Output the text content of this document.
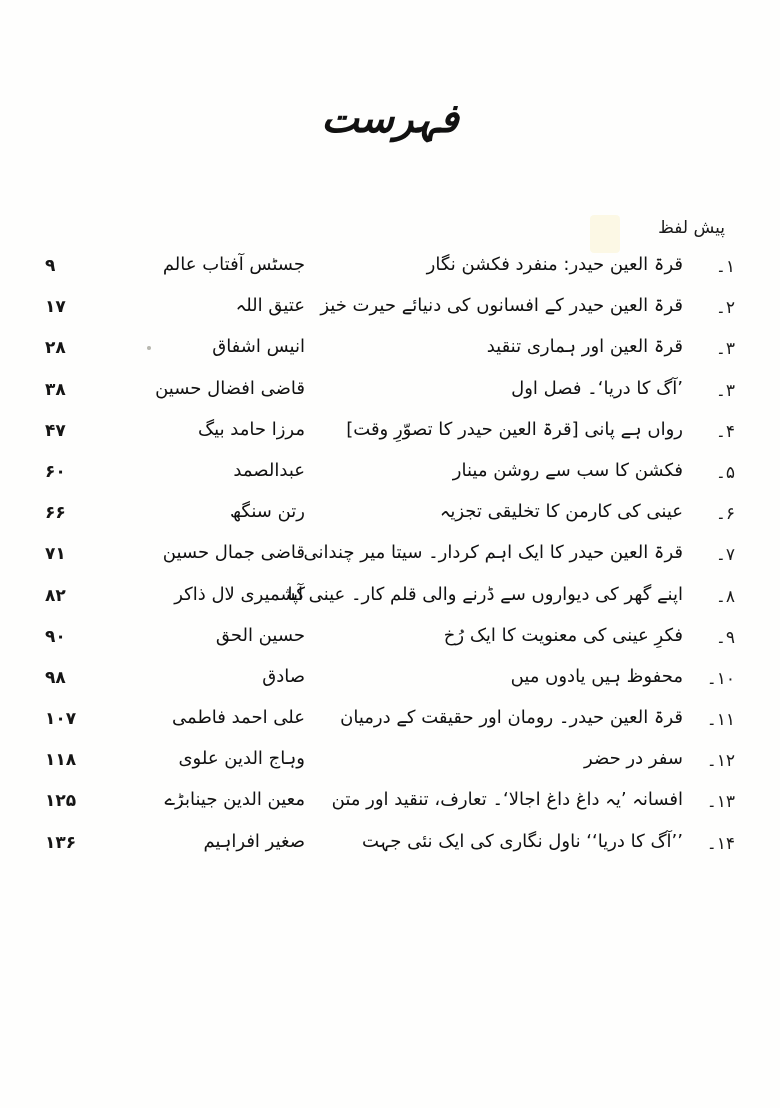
فہرست
پیش لفظ
۱۔
قرۃ العین حیدر: منفرد فکشن نگار
جسٹس آفتاب عالم
۹
۲۔
قرۃ العین حیدر کے افسانوں کی دنیائے حیرت خیز
عتیق اللہ
۱۷
۳۔
قرۃ العین اور ہماری تنقید
انیس اشفاق
۲۸
۳۔
’آگ کا دریا‘۔ فصل اول
قاضی افضال حسین
۳۸
۴۔
رواں ہے پانی [قرۃ العین حیدر کا تصوّرِ وقت]
مرزا حامد بیگ
۴۷
۵۔
فکشن کا سب سے روشن مینار
عبدالصمد
۶۰
۶۔
عینی کی کارمن کا تخلیقی تجزیہ
رتن سنگھ
۶۶
۷۔
قرۃ العین حیدر کا ایک اہم کردار۔ سیتا میر چندانی
قاضی جمال حسین
۷۱
۸۔
اپنے گھر کی دیواروں سے ڈرنے والی قلم کار۔ عینی آپا
کشمیری لال ذاکر
۸۲
۹۔
فکرِ عینی کی معنویت کا ایک رُخ
حسین الحق
۹۰
۱۰۔
محفوظ ہیں یادوں میں
صادق
۹۸
۱۱۔
قرۃ العین حیدر۔ رومان اور حقیقت کے درمیان
علی احمد فاطمی
۱۰۷
۱۲۔
سفر در حضر
وہاج الدین علوی
۱۱۸
۱۳۔
افسانہ ’یہ داغ داغ اجالا‘۔ تعارف، تنقید اور متن
معین الدین جینابڑے
۱۲۵
۱۴۔
’’آگ کا دریا‘‘ ناول نگاری کی ایک نئی جہت
صغیر افراہیم
۱۳۶
